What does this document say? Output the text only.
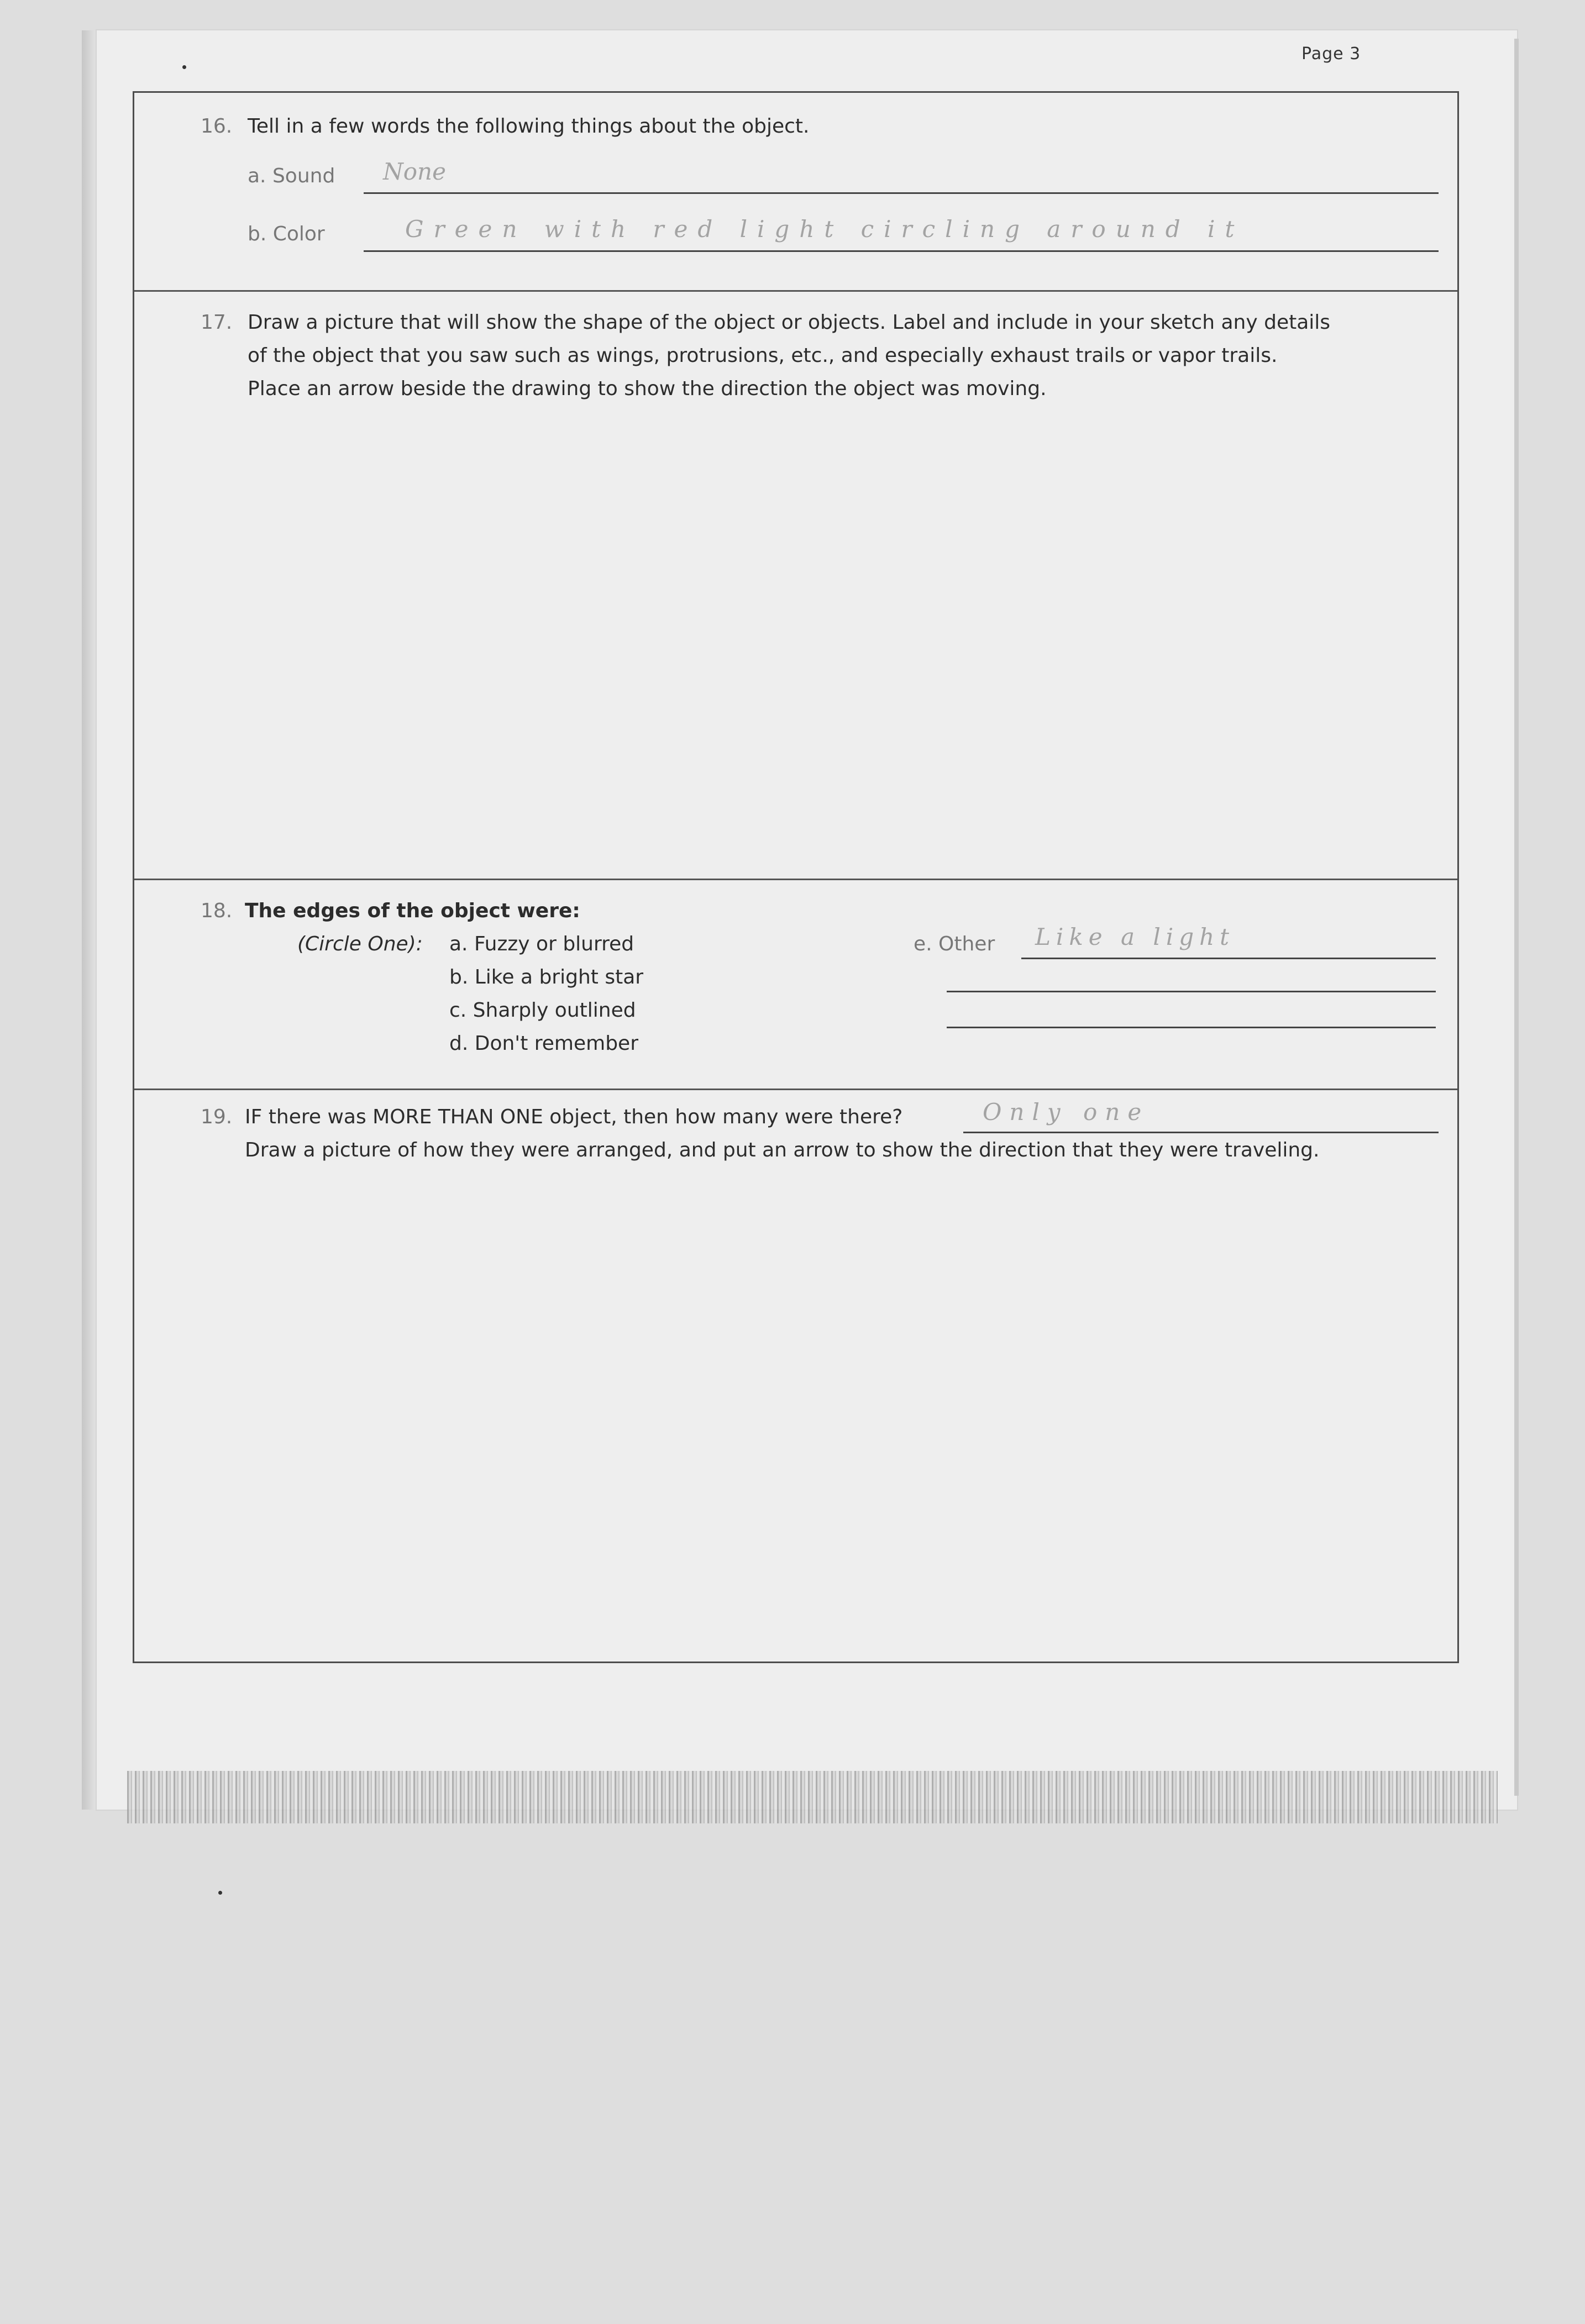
Page 3
16. Tell in a few words the following things about the object.
a. Sound None
b. Color	Green with red light circling around it
17. Draw a picture that will show the shape of the object or objects. Label and include in your sketch any details
of the object that you saw such as wings, protrusions, etc., and especially exhaust trails or vapor trails.
Place an arrow beside the drawing to show the direction the object was moving.
18. The edges of the object were:
(Circle One): a. Fuzzy or blurred
b. Like a bright star
c. Sharply outlined
d. Don't remember
e. Other Like a light
19. IF there was MORE THAN ONE object, then how many were there?	Only one
Draw a picture of how they were arranged, and put an arrow to show the direction that they were traveling.
